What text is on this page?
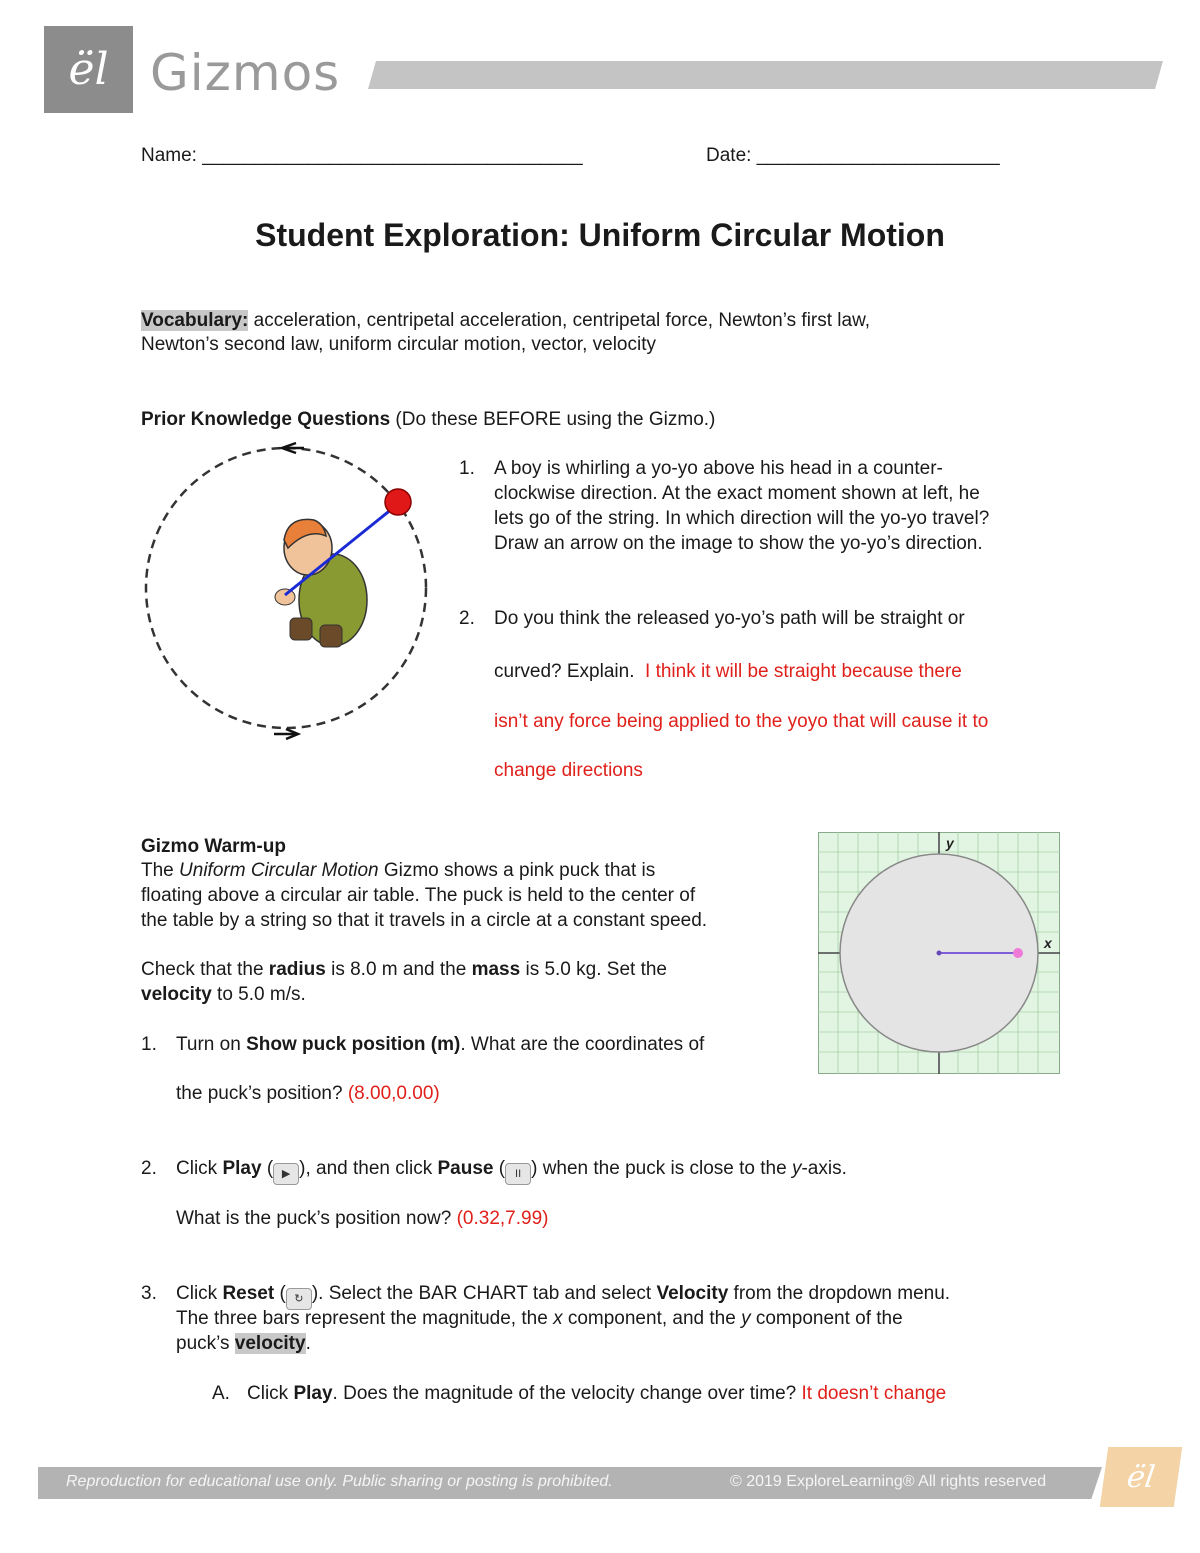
ël Gizmos
Name: ____________________________________	Date: _______________________
Student Exploration: Uniform Circular Motion
Vocabulary: acceleration, centripetal acceleration, centripetal force, Newton’s first law,
Newton’s second law, uniform circular motion, vector, velocity
Prior Knowledge Questions (Do these BEFORE using the Gizmo.)
1. A boy is whirling a yo-yo above his head in a counter-
clockwise direction. At the exact moment shown at left, he
lets go of the string. In which direction will the yo-yo travel?
Draw an arrow on the image to show the yo-yo’s direction.
2. Do you think the released yo-yo’s path will be straight or
curved? Explain. I think it will be straight because there
isn’t any force being applied to the yoyo that will cause it to
change directions
Gizmo Warm-up
The Uniform Circular Motion Gizmo shows a pink puck that is
floating above a circular air table. The puck is held to the center of
the table by a string so that it travels in a circle at a constant speed.
Check that the radius is 8.0 m and the mass is 5.0 kg. Set the
velocity to 5.0 m/s.
y
x
1. Turn on Show puck position (m). What are the coordinates of
the puck’s position? (8.00,0.00)
2. Click Play ( ▶ ), and then click Pause ( II ) when the puck is close to the y-axis.
What is the puck’s position now? (0.32,7.99)
3. Click Reset ( ↻ ). Select the BAR CHART tab and select Velocity from the dropdown menu.
The three bars represent the magnitude, the x component, and the y component of the
puck’s velocity.
A. Click Play. Does the magnitude of the velocity change over time? It doesn’t change
Reproduction for educational use only. Public sharing or posting is prohibited.	© 2019 ExploreLearning® All rights reserved	ël
